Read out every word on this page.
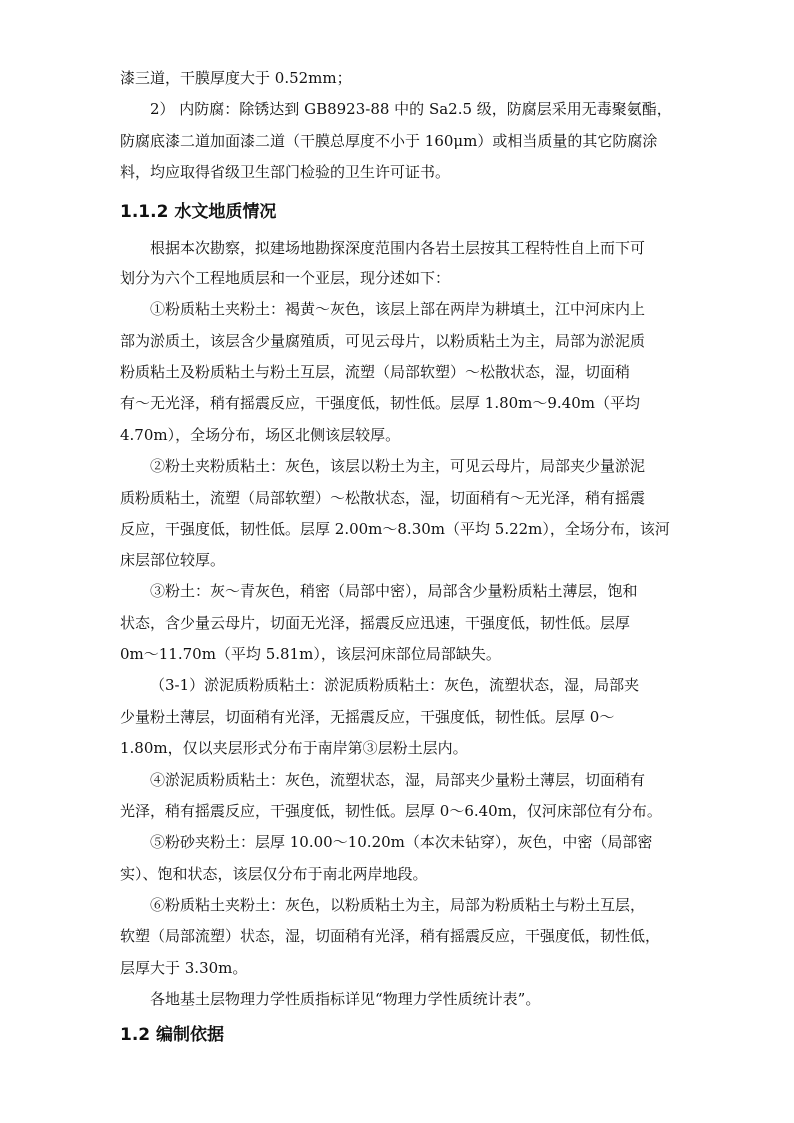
漆三道，干膜厚度大于 0.52mm；
2） 内防腐：除锈达到 GB8923-88 中的 Sa2.5 级，防腐层采用无毒聚氨酯，
防腐底漆二道加面漆二道（干膜总厚度不小于 160μm）或相当质量的其它防腐涂
料，均应取得省级卫生部门检验的卫生许可证书。
1.1.2 水文地质情况
根据本次勘察，拟建场地勘探深度范围内各岩土层按其工程特性自上而下可
划分为六个工程地质层和一个亚层，现分述如下：
①粉质粘土夹粉土：褐黄～灰色，该层上部在两岸为耕填土，江中河床内上
部为淤质土，该层含少量腐殖质，可见云母片，以粉质粘土为主，局部为淤泥质
粉质粘土及粉质粘土与粉土互层，流塑（局部软塑）～松散状态，湿，切面稍
有～无光泽，稍有摇震反应，干强度低，韧性低。层厚 1.80m～9.40m（平均
4.70m），全场分布，场区北侧该层较厚。
②粉土夹粉质粘土：灰色，该层以粉土为主，可见云母片，局部夹少量淤泥
质粉质粘土，流塑（局部软塑）～松散状态，湿，切面稍有～无光泽，稍有摇震
反应，干强度低，韧性低。层厚 2.00m～8.30m（平均 5.22m），全场分布，该河
床层部位较厚。
③粉土：灰～青灰色，稍密（局部中密），局部含少量粉质粘土薄层，饱和
状态，含少量云母片，切面无光泽，摇震反应迅速，干强度低，韧性低。层厚
0m～11.70m（平均 5.81m），该层河床部位局部缺失。
（3-1）淤泥质粉质粘土：淤泥质粉质粘土：灰色，流塑状态，湿，局部夹
少量粉土薄层，切面稍有光泽，无摇震反应，干强度低，韧性低。层厚 0～
1.80m，仅以夹层形式分布于南岸第③层粉土层内。
④淤泥质粉质粘土：灰色，流塑状态，湿，局部夹少量粉土薄层，切面稍有
光泽，稍有摇震反应，干强度低，韧性低。层厚 0～6.40m，仅河床部位有分布。
⑤粉砂夹粉土：层厚 10.00～10.20m（本次未钻穿），灰色，中密（局部密
实）、饱和状态，该层仅分布于南北两岸地段。
⑥粉质粘土夹粉土：灰色，以粉质粘土为主，局部为粉质粘土与粉土互层，
软塑（局部流塑）状态，湿，切面稍有光泽，稍有摇震反应，干强度低，韧性低，
层厚大于 3.30m。
各地基土层物理力学性质指标详见“物理力学性质统计表”。
1.2 编制依据
